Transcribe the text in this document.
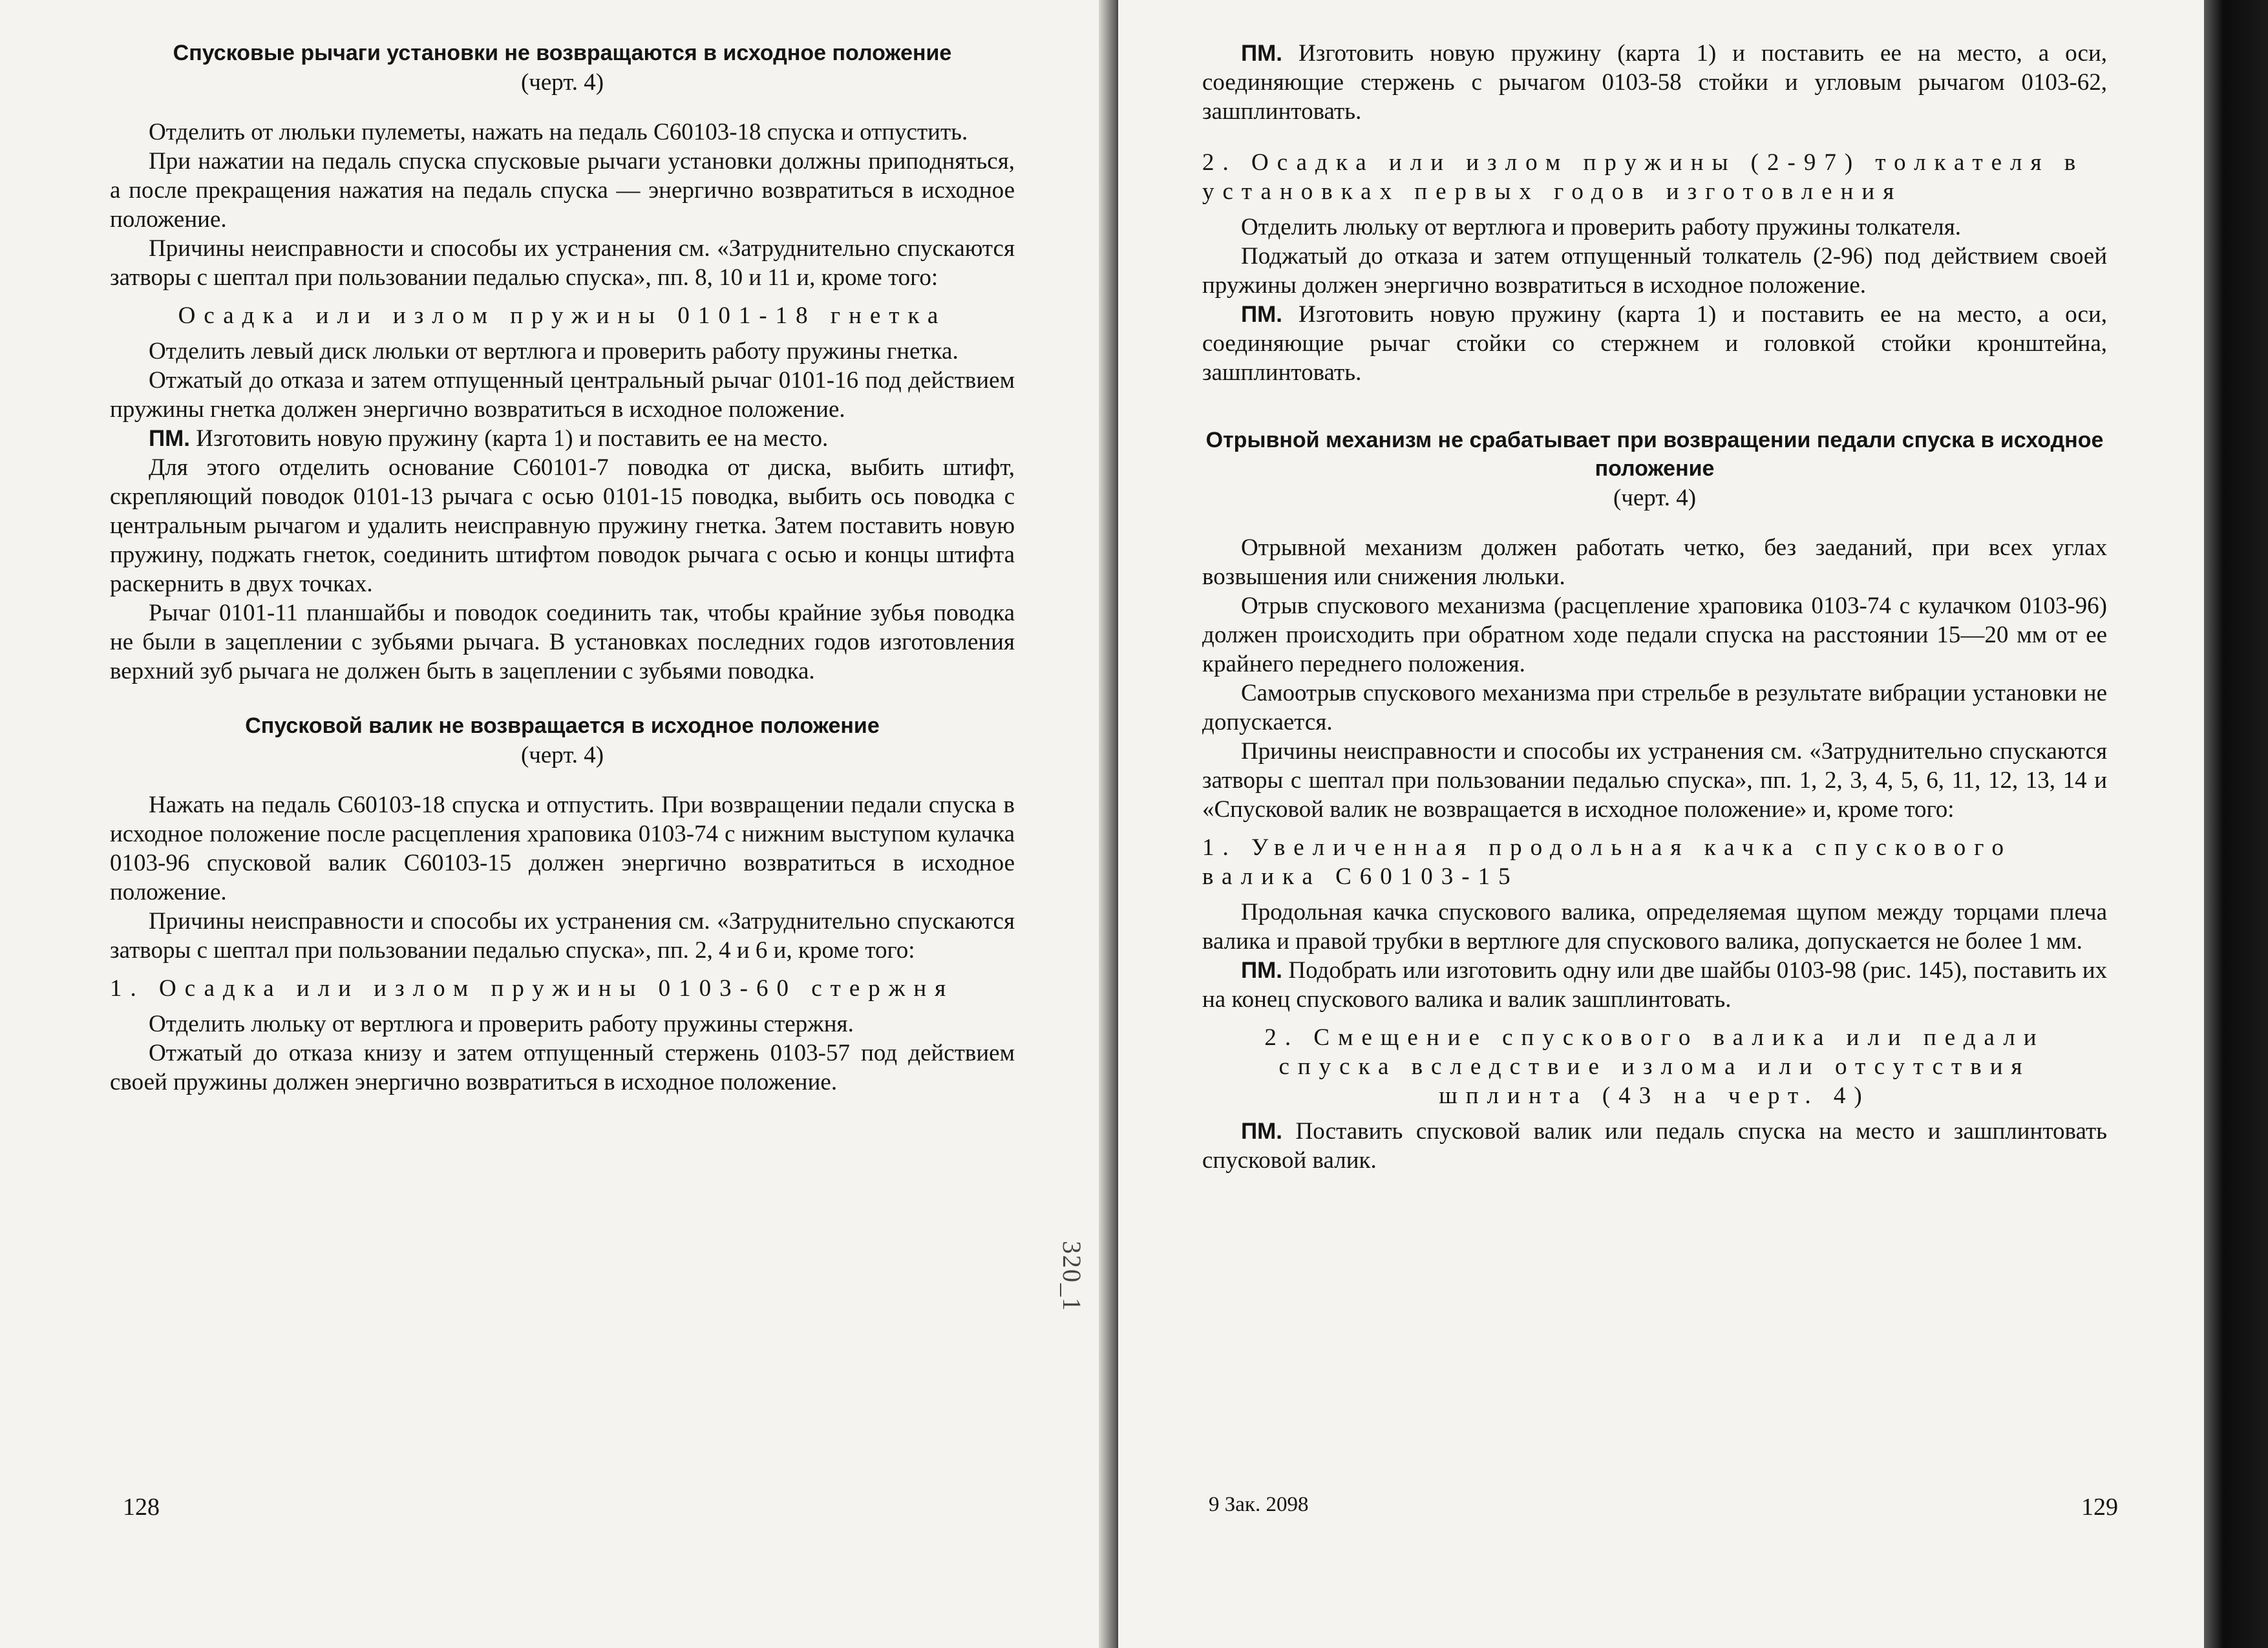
Спусковые рычаги установки не возвращаются в исходное положение
(черт. 4)

Отделить от люльки пулеметы, нажать на педаль С60103-18 спуска и отпустить.

При нажатии на педаль спуска спусковые рычаги установки должны приподняться, а после прекращения нажатия на педаль спуска — энергично возвратиться в исходное положение.

Причины неисправности и способы их устранения см. «Затруднительно спускаются затворы с шептал при пользовании педалью спуска», пп. 8, 10 и 11 и, кроме того:

Осадка или излом пружины 0101-18 гнетка

Отделить левый диск люльки от вертлюга и проверить работу пружины гнетка.

Отжатый до отказа и затем отпущенный центральный рычаг 0101-16 под действием пружины гнетка должен энергично возвратиться в исходное положение.

ПМ. Изготовить новую пружину (карта 1) и поставить ее на место.

Для этого отделить основание С60101-7 поводка от диска, выбить штифт, скрепляющий поводок 0101-13 рычага с осью 0101-15 поводка, выбить ось поводка с центральным рычагом и удалить неисправную пружину гнетка. Затем поставить новую пружину, поджать гнеток, соединить штифтом поводок рычага с осью и концы штифта раскернить в двух точках.

Рычаг 0101-11 планшайбы и поводок соединить так, чтобы крайние зубья поводка не были в зацеплении с зубьями рычага. В установках последних годов изготовления верхний зуб рычага не должен быть в зацеплении с зубьями поводка.

Спусковой валик не возвращается в исходное положение
(черт. 4)

Нажать на педаль С60103-18 спуска и отпустить. При возвращении педали спуска в исходное положение после расцепления храповика 0103-74 с нижним выступом кулачка 0103-96 спусковой валик С60103-15 должен энергично возвратиться в исходное положение.

Причины неисправности и способы их устранения см. «Затруднительно спускаются затворы с шептал при пользовании педалью спуска», пп. 2, 4 и 6 и, кроме того:

1. Осадка или излом пружины 0103-60 стержня

Отделить люльку от вертлюга и проверить работу пружины стержня.

Отжатый до отказа книзу и затем отпущенный стержень 0103-57 под действием своей пружины должен энергично возвратиться в исходное положение.

128
320_1

ПМ. Изготовить новую пружину (карта 1) и поставить ее на место, а оси, соединяющие стержень с рычагом 0103-58 стойки и угловым рычагом 0103-62, зашплинтовать.

2. Осадка или излом пружины (2-97) толкателя в установках первых годов изготовления

Отделить люльку от вертлюга и проверить работу пружины толкателя.

Поджатый до отказа и затем отпущенный толкатель (2-96) под действием своей пружины должен энергично возвратиться в исходное положение.

ПМ. Изготовить новую пружину (карта 1) и поставить ее на место, а оси, соединяющие рычаг стойки со стержнем и головкой стойки кронштейна, зашплинтовать.

Отрывной механизм не срабатывает при возвращении педали спуска в исходное положение
(черт. 4)

Отрывной механизм должен работать четко, без заеданий, при всех углах возвышения или снижения люльки.

Отрыв спускового механизма (расцепление храповика 0103-74 с кулачком 0103-96) должен происходить при обратном ходе педали спуска на расстоянии 15—20 мм от ее крайнего переднего положения.

Самоотрыв спускового механизма при стрельбе в результате вибрации установки не допускается.

Причины неисправности и способы их устранения см. «Затруднительно спускаются затворы с шептал при пользовании педалью спуска», пп. 1, 2, 3, 4, 5, 6, 11, 12, 13, 14 и «Спусковой валик не возвращается в исходное положение» и, кроме того:

1. Увеличенная продольная качка спускового валика С60103-15

Продольная качка спускового валика, определяемая щупом между торцами плеча валика и правой трубки в вертлюге для спускового валика, допускается не более 1 мм.

ПМ. Подобрать или изготовить одну или две шайбы 0103-98 (рис. 145), поставить их на конец спускового валика и валик зашплинтовать.

2. Смещение спускового валика или педали спуска вследствие излома или отсутствия шплинта (43 на черт. 4)

ПМ. Поставить спусковой валик или педаль спуска на место и зашплинтовать спусковой валик.

9 Зак. 2098	129
